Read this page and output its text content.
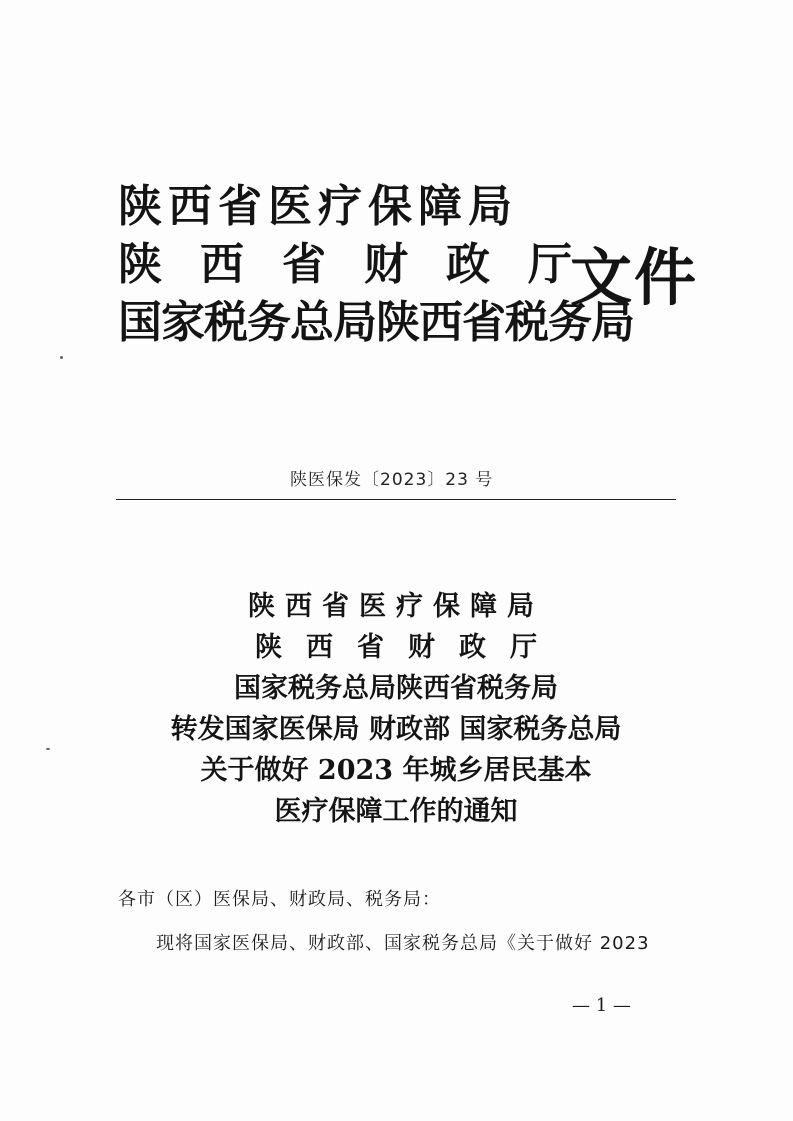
陕西省医疗保障局
陕西省财政厅
国家税务总局陕西省税务局
文件
陕医保发〔2023〕23 号
陕西省医疗保障局
陕西省财政厅
国家税务总局陕西省税务局
转发国家医保局 财政部 国家税务总局
关于做好 2023 年城乡居民基本
医疗保障工作的通知
各市（区）医保局、财政局、税务局：
现将国家医保局、财政部、国家税务总局《关于做好 2023
— 1 —
